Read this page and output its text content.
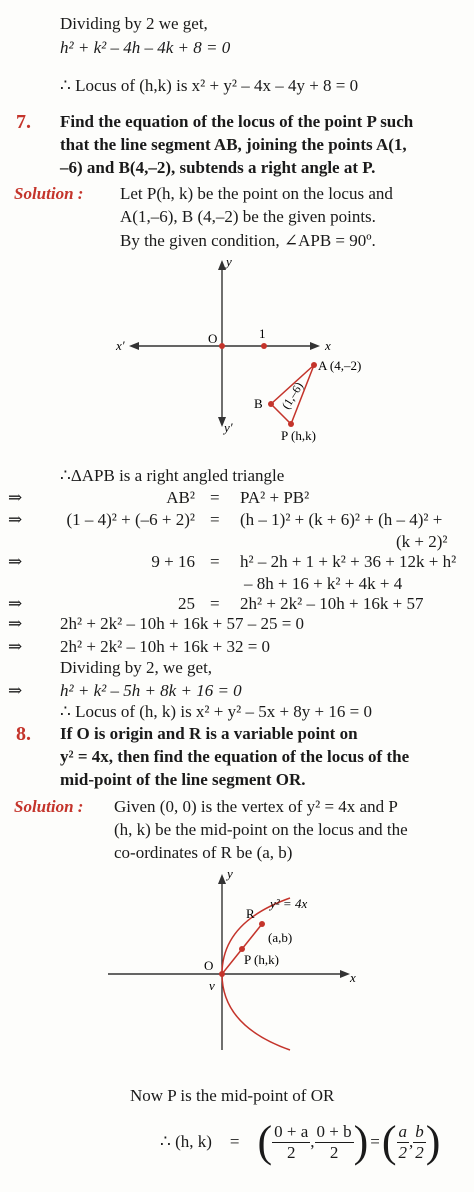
Dividing by 2 we get,
h² + k² – 4h – 4k + 8 = 0
∴ Locus of (h,k) is x² + y² – 4x – 4y + 8 = 0
7. Find the equation of the locus of the point P such
that the line segment AB, joining the points A(1,
–6) and B(4,–2), subtends a right angle at P.
Solution : Let P(h, k) be the point on the locus and
A(1,–6), B (4,–2) be the given points.
By the given condition, ∠APB = 90º.
y
x
x′
y′
O	1
A (4,–2)
B
P (h,k)
(1,–6)
∴ΔAPB is a right angled triangle
⇒	AB² = PA² + PB²
⇒	(1 – 4)² + (–6 + 2)² = (h – 1)² + (k + 6)² + (h – 4)² +
(k + 2)²
⇒	9 + 16 = h² – 2h + 1 + k² + 36 + 12k + h²
– 8h + 16 + k² + 4k + 4
⇒	25 = 2h² + 2k² – 10h + 16k + 57
⇒ 2h² + 2k² – 10h + 16k + 57 – 25 = 0
⇒ 2h² + 2k² – 10h + 16k + 32 = 0
Dividing by 2, we get,
⇒ h² + k² – 5h + 8k + 16 = 0
∴ Locus of (h, k) is x² + y² – 5x + 8y + 16 = 0
8. If O is origin and R is a variable point on
y² = 4x, then find the equation of the locus of the
mid-point of the line segment OR.
Solution : Given (0, 0) is the vertex of y² = 4x and P
(h, k) be the mid-point on the locus and the
co-ordinates of R be (a, b)
y
x
O
v
R
y² = 4x
(a,b)
P (h,k)
Now P is the mid-point of OR
∴ (h, k) = ( $\frac{0 + a}{2}$ , $\frac{0 + b}{2}$ ) = ( $\frac{a}{2}$ , $\frac{b}{2}$ )
